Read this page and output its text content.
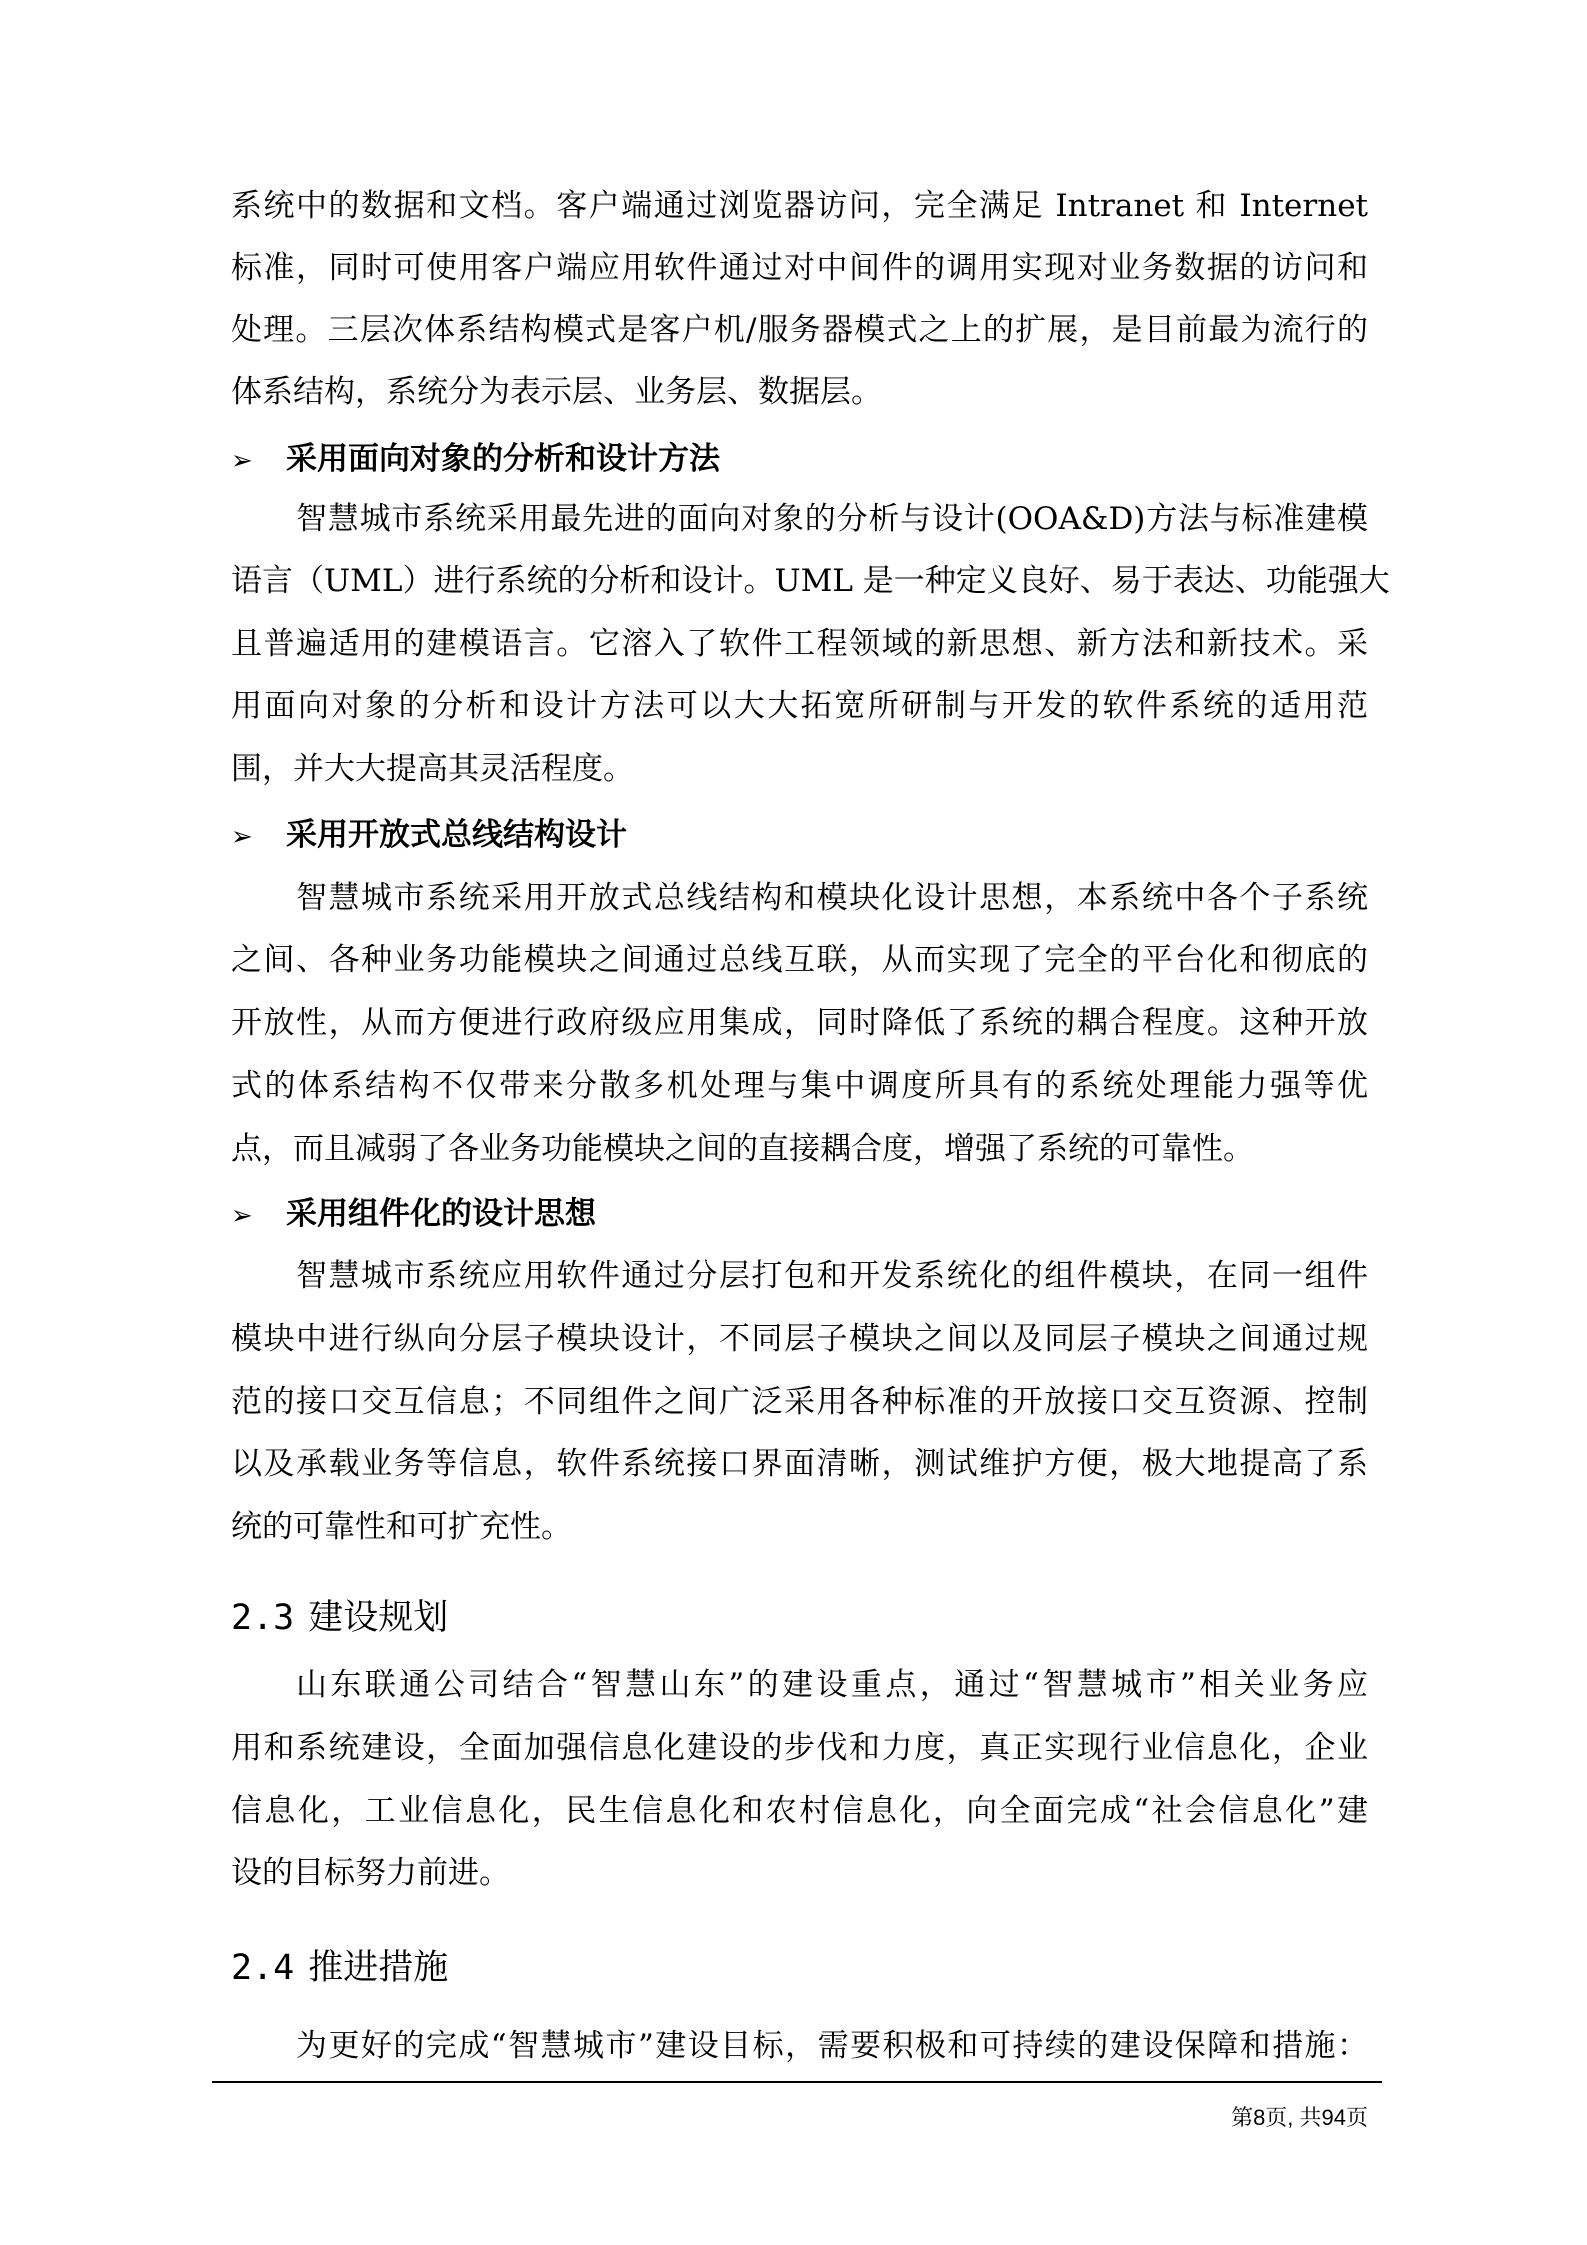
系统中的数据和文档。客户端通过浏览器访问，完全满足 Intranet 和 Internet
标准，同时可使用客户端应用软件通过对中间件的调用实现对业务数据的访问和
处理。三层次体系结构模式是客户机/服务器模式之上的扩展，是目前最为流行的
体系结构，系统分为表示层、业务层、数据层。
➢ 采用面向对象的分析和设计方法
智慧城市系统采用最先进的面向对象的分析与设计(OOA&D)方法与标准建模
语言（UML）进行系统的分析和设计。UML 是一种定义良好、易于表达、功能强大
且普遍适用的建模语言。它溶入了软件工程领域的新思想、新方法和新技术。采
用面向对象的分析和设计方法可以大大拓宽所研制与开发的软件系统的适用范
围，并大大提高其灵活程度。
➢ 采用开放式总线结构设计
智慧城市系统采用开放式总线结构和模块化设计思想，本系统中各个子系统
之间、各种业务功能模块之间通过总线互联，从而实现了完全的平台化和彻底的
开放性，从而方便进行政府级应用集成，同时降低了系统的耦合程度。这种开放
式的体系结构不仅带来分散多机处理与集中调度所具有的系统处理能力强等优
点，而且减弱了各业务功能模块之间的直接耦合度，增强了系统的可靠性。
➢ 采用组件化的设计思想
智慧城市系统应用软件通过分层打包和开发系统化的组件模块，在同一组件
模块中进行纵向分层子模块设计，不同层子模块之间以及同层子模块之间通过规
范的接口交互信息；不同组件之间广泛采用各种标准的开放接口交互资源、控制
以及承载业务等信息，软件系统接口界面清晰，测试维护方便，极大地提高了系
统的可靠性和可扩充性。
2.3 建设规划
山东联通公司结合“智慧山东”的建设重点，通过“智慧城市”相关业务应
用和系统建设，全面加强信息化建设的步伐和力度，真正实现行业信息化，企业
信息化，工业信息化，民生信息化和农村信息化，向全面完成“社会信息化”建
设的目标努力前进。
2.4 推进措施
为更好的完成“智慧城市”建设目标，需要积极和可持续的建设保障和措施：
第8页, 共94页
